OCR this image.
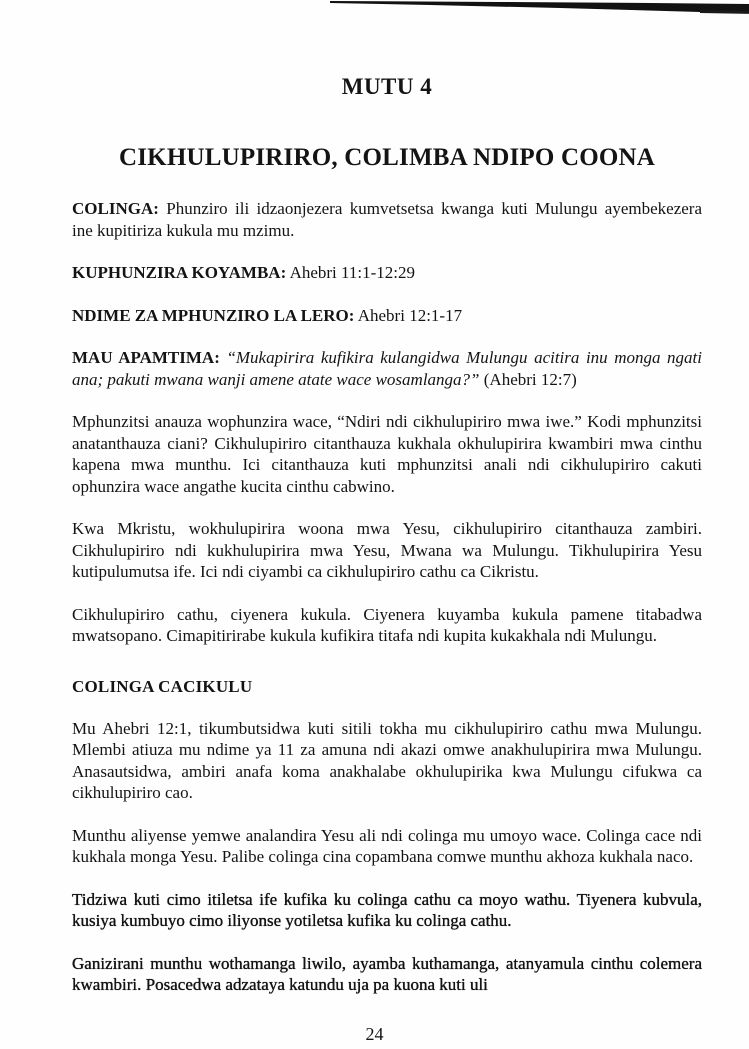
MUTU 4
CIKHULUPIRIRO, COLIMBA NDIPO COONA

COLINGA: Phunziro ili idzaonjezera kumvetsetsa kwanga kuti Mulungu ayembekezera ine kupitiriza kukula mu mzimu.

KUPHUNZIRA KOYAMBA: Ahebri 11:1-12:29

NDIME ZA MPHUNZIRO LA LERO: Ahebri 12:1-17

MAU APAMTIMA: “Mukapirira kufikira kulangidwa Mulungu acitira inu monga ngati ana; pakuti mwana wanji amene atate wace wosamlanga?” (Ahebri 12:7)

Mphunzitsi anauza wophunzira wace, “Ndiri ndi cikhulupiriro mwa iwe.” Kodi mphunzitsi anatanthauza ciani? Cikhulupiriro citanthauza kukhala okhulupirira kwambiri mwa cinthu kapena mwa munthu. Ici citanthauza kuti mphunzitsi anali ndi cikhulupiriro cakuti ophunzira wace angathe kucita cinthu cabwino.

Kwa Mkristu, wokhulupirira woona mwa Yesu, cikhulupiriro citanthauza zambiri. Cikhulupiriro ndi kukhulupirira mwa Yesu, Mwana wa Mulungu. Tikhulupirira Yesu kutipulumutsa ife. Ici ndi ciyambi ca cikhulupiriro cathu ca Cikristu.

Cikhulupiriro cathu, ciyenera kukula. Ciyenera kuyamba kukula pamene titabadwa mwatsopano. Cimapitirirabe kukula kufikira titafa ndi kupita kukakhala ndi Mulungu.

COLINGA CACIKULU

Mu Ahebri 12:1, tikumbutsidwa kuti sitili tokha mu cikhulupiriro cathu mwa Mulungu. Mlembi atiuza mu ndime ya 11 za amuna ndi akazi omwe anakhulupirira mwa Mulungu. Anasautsidwa, ambiri anafa koma anakhalabe okhulupirika kwa Mulungu cifukwa ca cikhulupiriro cao.

Munthu aliyense yemwe analandira Yesu ali ndi colinga mu umoyo wace. Colinga cace ndi kukhala monga Yesu. Palibe colinga cina copambana comwe munthu akhoza kukhala naco.

Tidziwa kuti cimo itiletsa ife kufika ku colinga cathu ca moyo wathu. Tiyenera kubvula, kusiya kumbuyo cimo iliyonse yotiletsa kufika ku colinga cathu.

Ganizirani munthu wothamanga liwilo, ayamba kuthamanga, atanyamula cinthu colemera kwambiri. Posacedwa adzataya katundu uja pa kuona kuti uli

24
